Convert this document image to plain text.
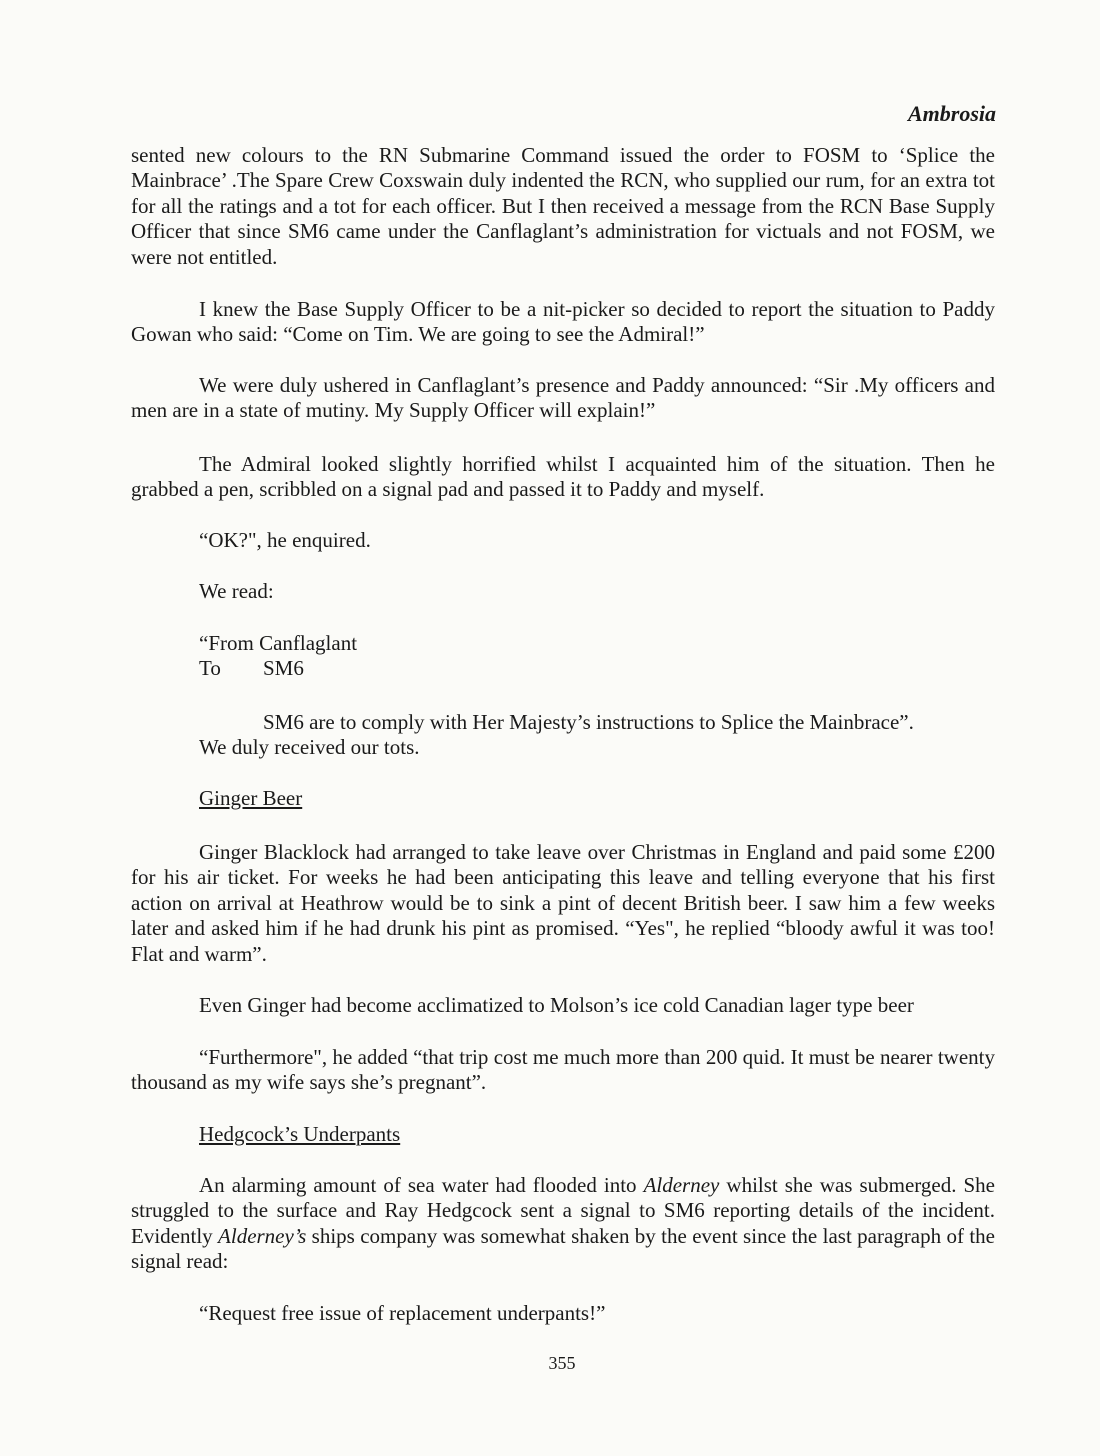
Ambrosia

sented new colours to the RN Submarine Command issued the order to FOSM to ‘Splice the Mainbrace’ .The Spare Crew Coxswain duly indented the RCN, who supplied our rum, for an extra tot for all the ratings and a tot for each officer. But I then received a message from the RCN Base Supply Officer that since SM6 came under the Canflaglant’s administration for victuals and not FOSM, we were not entitled.

I knew the Base Supply Officer to be a nit-picker so decided to report the situation to Paddy Gowan who said: “Come on Tim. We are going to see the Admiral!”

We were duly ushered in Canflaglant’s presence and Paddy announced: “Sir .My officers and men are in a state of mutiny. My Supply Officer will explain!”

The Admiral looked slightly horrified whilst I acquainted him of the situation. Then he grabbed a pen, scribbled on a signal pad and passed it to Paddy and myself.

“OK?", he enquired.

We read:

“From Canflaglant

To SM6

SM6 are to comply with Her Majesty’s instructions to Splice the Mainbrace”.

We duly received our tots.

Ginger Beer

Ginger Blacklock had arranged to take leave over Christmas in England and paid some £200 for his air ticket. For weeks he had been anticipating this leave and telling everyone that his first action on arrival at Heathrow would be to sink a pint of decent British beer. I saw him a few weeks later and asked him if he had drunk his pint as promised. “Yes", he replied “bloody awful it was too! Flat and warm”.

Even Ginger had become acclimatized to Molson’s ice cold Canadian lager type beer

“Furthermore", he added “that trip cost me much more than 200 quid. It must be nearer twenty thousand as my wife says she’s pregnant”.

Hedgcock’s Underpants

An alarming amount of sea water had flooded into Alderney whilst she was submerged. She struggled to the surface and Ray Hedgcock sent a signal to SM6 reporting details of the incident. Evidently Alderney’s ships company was somewhat shaken by the event since the last paragraph of the signal read:

“Request free issue of replacement underpants!”

355
